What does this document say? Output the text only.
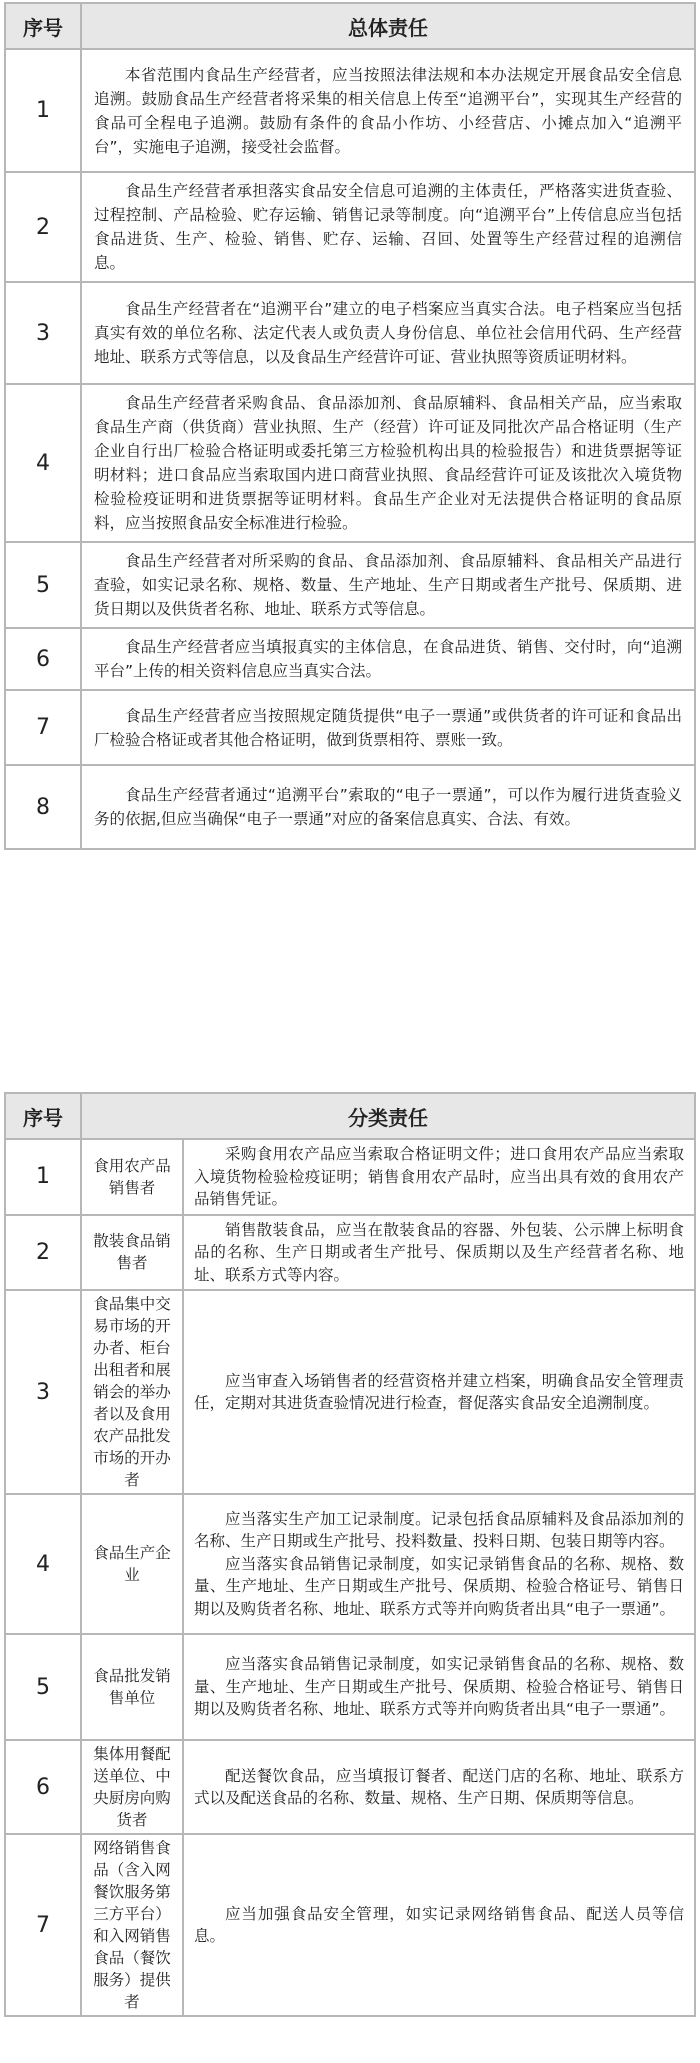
序号	总体责任
1	本省范围内食品生产经营者，应当按照法律法规和本办法规定开展食品安全信息追溯。鼓励食品生产经营者将采集的相关信息上传至“追溯平台”，实现其生产经营的食品可全程电子追溯。鼓励有条件的食品小作坊、小经营店、小摊点加入“追溯平台”，实施电子追溯，接受社会监督。
2	食品生产经营者承担落实食品安全信息可追溯的主体责任，严格落实进货查验、过程控制、产品检验、贮存运输、销售记录等制度。向“追溯平台”上传信息应当包括食品进货、生产、检验、销售、贮存、运输、召回、处置等生产经营过程的追溯信息。
3	食品生产经营者在“追溯平台”建立的电子档案应当真实合法。电子档案应当包括真实有效的单位名称、法定代表人或负责人身份信息、单位社会信用代码、生产经营地址、联系方式等信息，以及食品生产经营许可证、营业执照等资质证明材料。
4	食品生产经营者采购食品、食品添加剂、食品原辅料、食品相关产品，应当索取食品生产商（供货商）营业执照、生产（经营）许可证及同批次产品合格证明（生产企业自行出厂检验合格证明或委托第三方检验机构出具的检验报告）和进货票据等证明材料；进口食品应当索取国内进口商营业执照、食品经营许可证及该批次入境货物检验检疫证明和进货票据等证明材料。食品生产企业对无法提供合格证明的食品原料，应当按照食品安全标准进行检验。
5	食品生产经营者对所采购的食品、食品添加剂、食品原辅料、食品相关产品进行查验，如实记录名称、规格、数量、生产地址、生产日期或者生产批号、保质期、进货日期以及供货者名称、地址、联系方式等信息。
6	食品生产经营者应当填报真实的主体信息，在食品进货、销售、交付时，向“追溯平台”上传的相关资料信息应当真实合法。
7	食品生产经营者应当按照规定随货提供“电子一票通”或供货者的许可证和食品出厂检验合格证或者其他合格证明，做到货票相符、票账一致。
8	食品生产经营者通过“追溯平台”索取的“电子一票通”，可以作为履行进货查验义务的依据,但应当确保“电子一票通”对应的备案信息真实、合法、有效。
序号	分类责任	
1	食用农产品销售者	采购食用农产品应当索取合格证明文件；进口食用农产品应当索取入境货物检验检疫证明；销售食用农产品时，应当出具有效的食用农产品销售凭证。

2	散装食品销售者	销售散装食品，应当在散装食品的容器、外包装、公示牌上标明食品的名称、生产日期或者生产批号、保质期以及生产经营者名称、地址、联系方式等内容。

3	食品集中交易市场的开办者、柜台出租者和展销会的举办者以及食用农产品批发市场的开办者	应当审查入场销售者的经营资格并建立档案，明确食品安全管理责任，定期对其进货查验情况进行检查，督促落实食品安全追溯制度。

4	食品生产企业	应当落实生产加工记录制度。记录包括食品原辅料及食品添加剂的名称、生产日期或生产批号、投料数量、投料日期、包装日期等内容。

应当落实食品销售记录制度，如实记录销售食品的名称、规格、数量、生产地址、生产日期或生产批号、保质期、检验合格证号、销售日期以及购货者名称、地址、联系方式等并向购货者出具“电子一票通”。

5	食品批发销售单位	应当落实食品销售记录制度，如实记录销售食品的名称、规格、数量、生产地址、生产日期或生产批号、保质期、检验合格证号、销售日期以及购货者名称、地址、联系方式等并向购货者出具“电子一票通”。

6	集体用餐配送单位、中央厨房向购货者	配送餐饮食品，应当填报订餐者、配送门店的名称、地址、联系方式以及配送食品的名称、数量、规格、生产日期、保质期等信息。

7	网络销售食品（含入网餐饮服务第三方平台）和入网销售食品（餐饮服务）提供者	应当加强食品安全管理，如实记录网络销售食品、配送人员等信息。
